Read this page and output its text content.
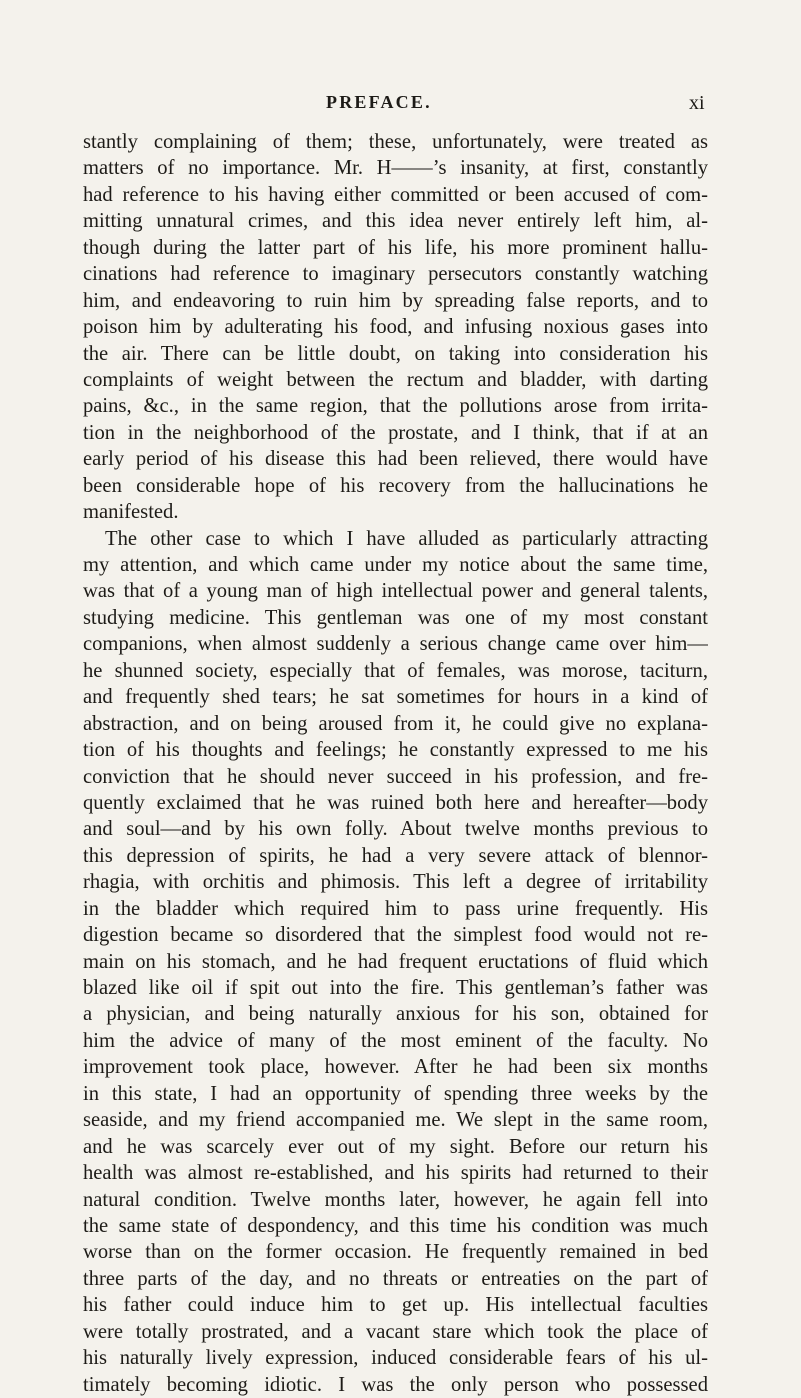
PREFACE.	xi
stantly complaining of them; these, unfortunately, were treated as
matters of no importance. Mr. H——’s insanity, at first, constantly
had reference to his having either committed or been accused of com-
mitting unnatural crimes, and this idea never entirely left him, al-
though during the latter part of his life, his more prominent hallu-
cinations had reference to imaginary persecutors constantly watching
him, and endeavoring to ruin him by spreading false reports, and to
poison him by adulterating his food, and infusing noxious gases into
the air. There can be little doubt, on taking into consideration his
complaints of weight between the rectum and bladder, with darting
pains, &c., in the same region, that the pollutions arose from irrita-
tion in the neighborhood of the prostate, and I think, that if at an
early period of his disease this had been relieved, there would have
been considerable hope of his recovery from the hallucinations he
manifested.
The other case to which I have alluded as particularly attracting
my attention, and which came under my notice about the same time,
was that of a young man of high intellectual power and general talents,
studying medicine. This gentleman was one of my most constant
companions, when almost suddenly a serious change came over him—
he shunned society, especially that of females, was morose, taciturn,
and frequently shed tears; he sat sometimes for hours in a kind of
abstraction, and on being aroused from it, he could give no explana-
tion of his thoughts and feelings; he constantly expressed to me his
conviction that he should never succeed in his profession, and fre-
quently exclaimed that he was ruined both here and hereafter—body
and soul—and by his own folly. About twelve months previous to
this depression of spirits, he had a very severe attack of blennor-
rhagia, with orchitis and phimosis. This left a degree of irritability
in the bladder which required him to pass urine frequently. His
digestion became so disordered that the simplest food would not re-
main on his stomach, and he had frequent eructations of fluid which
blazed like oil if spit out into the fire. This gentleman’s father was
a physician, and being naturally anxious for his son, obtained for
him the advice of many of the most eminent of the faculty. No
improvement took place, however. After he had been six months
in this state, I had an opportunity of spending three weeks by the
seaside, and my friend accompanied me. We slept in the same room,
and he was scarcely ever out of my sight. Before our return his
health was almost re-established, and his spirits had returned to their
natural condition. Twelve months later, however, he again fell into
the same state of despondency, and this time his condition was much
worse than on the former occasion. He frequently remained in bed
three parts of the day, and no threats or entreaties on the part of
his father could induce him to get up. His intellectual faculties
were totally prostrated, and a vacant stare which took the place of
his naturally lively expression, induced considerable fears of his ul-
timately becoming idiotic. I was the only person who possessed
